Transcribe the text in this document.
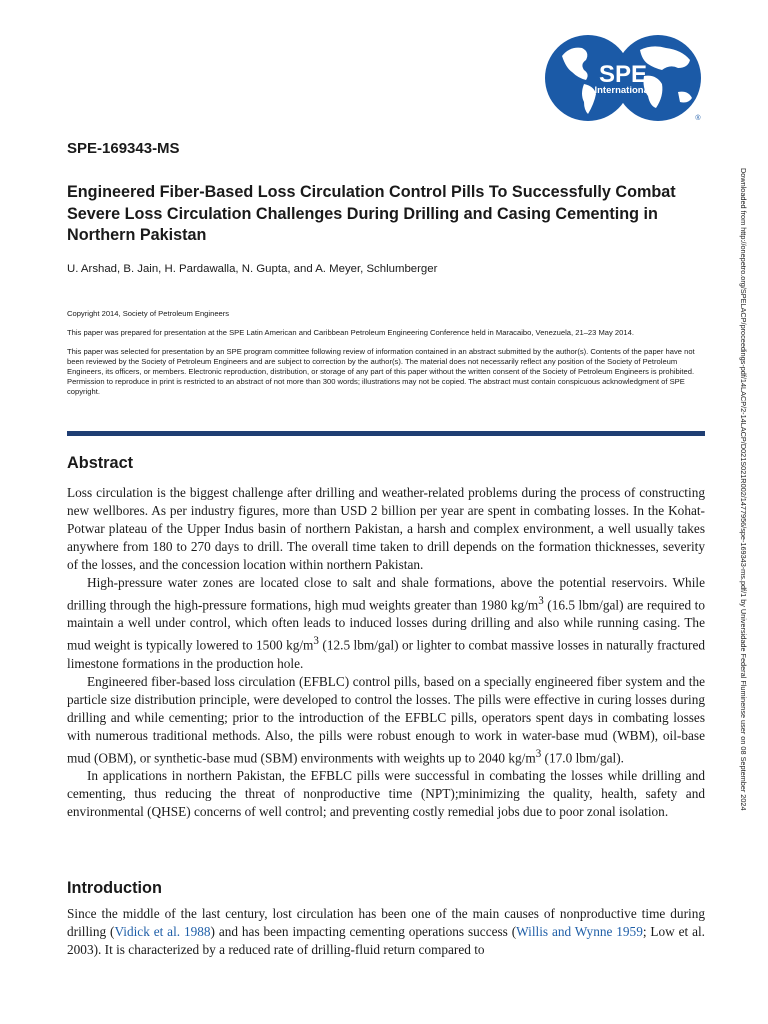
SPE
International
®
SPE-169343-MS
Engineered Fiber-Based Loss Circulation Control Pills To Successfully Combat Severe Loss Circulation Challenges During Drilling and Casing Cementing in Northern Pakistan
U. Arshad, B. Jain, H. Pardawalla, N. Gupta, and A. Meyer, Schlumberger

Copyright 2014, Society of Petroleum Engineers

This paper was prepared for presentation at the SPE Latin American and Caribbean Petroleum Engineering Conference held in Maracaibo, Venezuela, 21–23 May 2014.

This paper was selected for presentation by an SPE program committee following review of information contained in an abstract submitted by the author(s). Contents of the paper have not been reviewed by the Society of Petroleum Engineers and are subject to correction by the author(s). The material does not necessarily reflect any position of the Society of Petroleum Engineers, its officers, or members. Electronic reproduction, distribution, or storage of any part of this paper without the written consent of the Society of Petroleum Engineers is prohibited. Permission to reproduce in print is restricted to an abstract of not more than 300 words; illustrations may not be copied. The abstract must contain conspicuous acknowledgment of SPE copyright.

Abstract

Loss circulation is the biggest challenge after drilling and weather-related problems during the process of constructing new wellbores. As per industry figures, more than USD 2 billion per year are spent in combating losses. In the Kohat-Potwar plateau of the Upper Indus basin of northern Pakistan, a harsh and complex environment, a well usually takes anywhere from 180 to 270 days to drill. The overall time taken to drill depends on the formation thicknesses, severity of the losses, and the concession location within northern Pakistan.

High-pressure water zones are located close to salt and shale formations, above the potential reservoirs. While drilling through the high-pressure formations, high mud weights greater than 1980 $kg/m^3$ (16.5 lbm/gal) are required to maintain a well under control, which often leads to induced losses during drilling and also while running casing. The mud weight is typically lowered to 1500 $kg/m^3$ (12.5 lbm/gal) or lighter to combat massive losses in naturally fractured limestone formations in the production hole.

Engineered fiber-based loss circulation (EFBLC) control pills, based on a specially engineered fiber system and the particle size distribution principle, were developed to control the losses. The pills were effective in curing losses during drilling and while cementing; prior to the introduction of the EFBLC pills, operators spent days in combating losses with numerous traditional methods. Also, the pills were robust enough to work in water-base mud (WBM), oil-base mud (OBM), or synthetic-base mud (SBM) environments with weights up to 2040 $kg/m^3$ (17.0 lbm/gal).

In applications in northern Pakistan, the EFBLC pills were successful in combating the losses while drilling and cementing, thus reducing the threat of nonproductive time (NPT);minimizing the quality, health, safety and environmental (QHSE) concerns of well control; and preventing costly remedial jobs due to poor zonal isolation.

Introduction

Since the middle of the last century, lost circulation has been one of the main causes of nonproductive time during drilling (Vidick et al. 1988) and has been impacting cementing operations success (Willis and Wynne 1959; Low et al. 2003). It is characterized by a reduced rate of drilling-fluid return compared to

Downloaded from http://onepetro.org/SPELACP/proceedings-pdf/14LACP/2-14LACP/D021S021R002/1477956/spe-169343-ms.pdf/1 by Universidade Federal Fluminense user on 08 September 2024
